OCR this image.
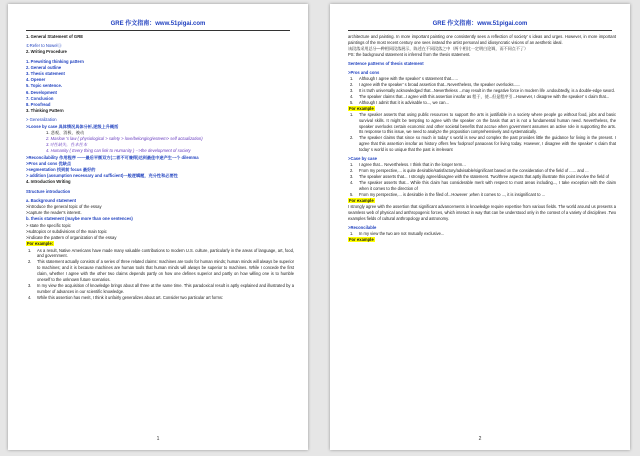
GRE 作文指南：www.51pigai.com
1. General Statement of GRE
①Refer to Nowel⑪
2. Writing Procedure
1. Prewriting thinking pattern
2. General outline
3. Thesis statement
4. Opener
5. Topic sentence.
6. Development
7. Conclusion
8. Proofread
3. Thinking Pattern
> Generalization
>Loose by case 具体情况具体分析,逐级上升概括
1. 悲观、消极、被动
2. Maslow 's law ( physiological > safety > love/belonging/esteem> self actualization)
3.对性缺失，性本性本
4. Humanity ( Every thing can link to Humanity ) -->the development of society
>Reconcilability 作用程序 ——最后平衡双方(二者不可兼得)达到最佳中途产生一个 dilemma
>Pros and cons 优缺点
>segmentation 找到前 focus 最好的
> addition (assumption necessary and sufficient)一般逻辑题，充分性和必要性
4. Introduction Writing
Structure introduction
a. Background statement
>introduce the general topic of the essay
>capture the reader's interest.
b. thesis statement (maybe more than one sentences)
> state the specific topic
>subtopics or subdivisions of the main topic
>indicate the pattern of organization of the essay
For example:
1.	As a result, Native Americans have made many valuable contributions to modern U.S. culture, particularly in the areas of language, art, food, and government.
2.	This statement actually consists of a series of three related claims: machines are tools for human minds; human minds will always be superior to machines; and it is because machines are human tools that human minds will always be superior to machines. While I concede the first claim, whether I agree with the other two claims depends partly on how one defines superior and partly on how willing one is to humble oneself to the unknown future scenarios.
3.	In my view the acquisition of knowledge brings about all three at the same time. This paradoxical result is aptly explained and illustrated by a number of advances in our scientific knowledge.
4.	While this assertion has merit, I think it unfairly generalizes about art. Consider two particular art forms:
1
GRE 作文指南：www.51pigai.com
architecture and painting. In more important painting one consistently sees a reflection of society' s ideas and urges. However, in more important paintings of the most recent century one sees instead the artist personal and idiosyncratic visions of an aesthetic ideal.
该段落采用总分—种相同段落展示，陈述在不同段落之中（两个相比一定明白论调，而不同点不了）
PS: the background statement is inferred from the thesis statement.
Sentence patterns of thesis statement
>Pros and cons
1.	Although I agree with the speaker' s statement that......
2.	I agree with the speaker' s broad assertion that...Nevertheless, the speaker overlooks......
3.	It is truth universally acknowledged that...Nevertheless ...may result in the negative force in modern life .undoubtedly, is a double-edge sword.
4.	The speaker claims that...I agree with this assertion insofar as 程于，使...但是程序引...However, I disagree with the speaker' s claim that...
5.	Although I admit that it is advisable to..., we can...
For example
1.	The speaker asserts that using public resources to support the arts is justifiable in a society where people go without food, jobs and basic survival skills. It might be tempting to agree with the speaker on the basis that art is not a fundamental human need. Nevertheless, the speaker overlooks certain economic and other societal benefits that accrue when government assumes an active role in supporting the arts. Its response to this issue, we need to analyze the proposition comprehensively and systematically.
2.	The speaker claims that since so much in today' s world is new and complex the past provides little the guidance for living in the present. I agree that this assertion insofar as history offers few foolproof panaceas for living today. However, I disagree with the speaker' s claim that today' s world is so unique that the past is irrelevant
>Case by case
1.	I agree that... Nevertheless. I think that in the longer term...
2.	From my perspective,... is quite desirable/satisfactory/advisable/significant based on the consideration of the field of ...... and ...
3.	The speaker asserts that... I strongly agree/disagree with the statement. Two/three aspects that aptly illustrate this point involve the field of
4.	The speaker asserts that... While this claim has considerable merit with respect to most areas including..., I take exception with the claim when it comes to the direction of
5.	From my perspective,... is desirable in the filed of...However ,when it comes to ..., it is insignificant to ...
For example
I strongly agree with the assertion that significant advancements in knowledge require expertise from various fields. The world around us presents a seamless web of physical and anthropogenic forces, which interact in way that can be understood only in the context of a variety of disciplines .Two examples fields of cultural anthropology and astronomy.
>Reconcilable
1.	In my view the two are not mutually exclusive...
For example
2
